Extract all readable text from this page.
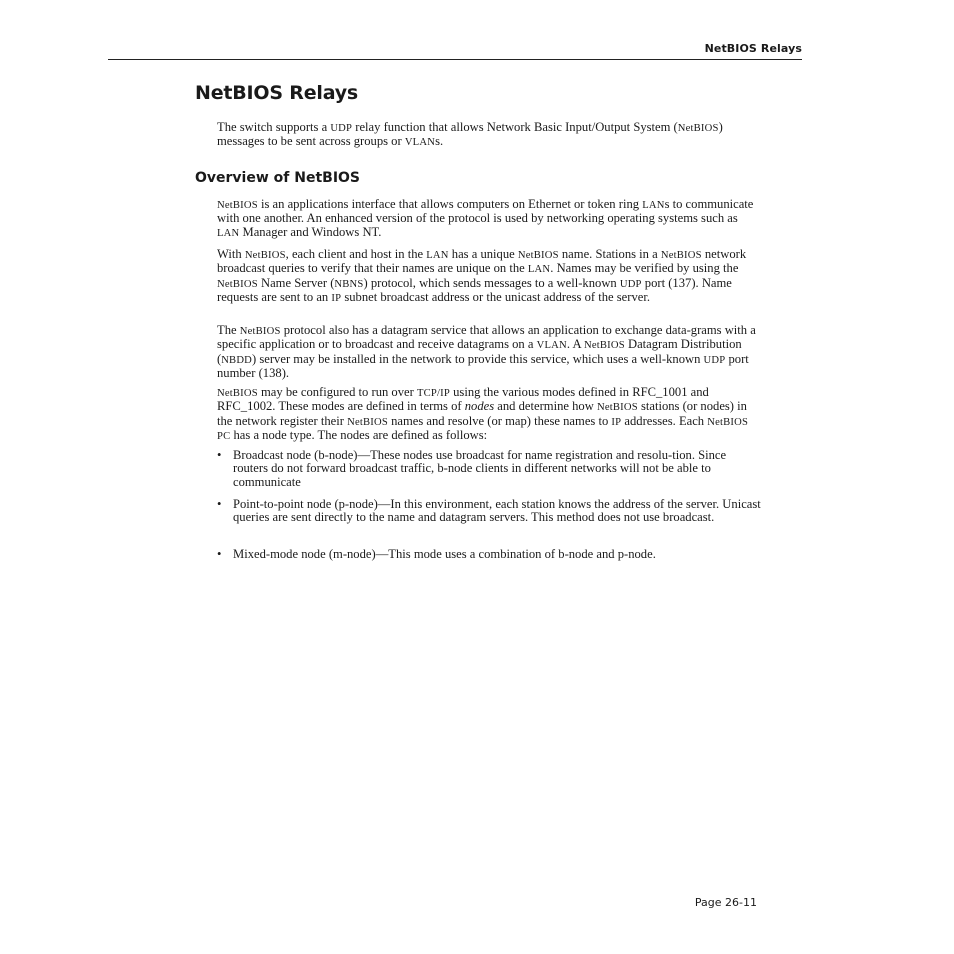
NetBIOS Relays
NetBIOS Relays

The switch supports a UDP relay function that allows Network Basic Input/Output System (NetBIOS) messages to be sent across groups or VLANs.

Overview of NetBIOS

NetBIOS is an applications interface that allows computers on Ethernet or token ring LANs to communicate with one another. An enhanced version of the protocol is used by networking operating systems such as LAN Manager and Windows NT.

With NetBIOS, each client and host in the LAN has a unique NetBIOS name. Stations in a NetBIOS network broadcast queries to verify that their names are unique on the LAN. Names may be verified by using the NetBIOS Name Server (NBNS) protocol, which sends messages to a well-known UDP port (137). Name requests are sent to an IP subnet broadcast address or the unicast address of the server.

The NetBIOS protocol also has a datagram service that allows an application to exchange data-grams with a specific application or to broadcast and receive datagrams on a VLAN. A NetBIOS Datagram Distribution (NBDD) server may be installed in the network to provide this service, which uses a well-known UDP port number (138).

NetBIOS may be configured to run over TCP/IP using the various modes defined in RFC_1001 and RFC_1002. These modes are defined in terms of nodes and determine how NetBIOS stations (or nodes) in the network register their NetBIOS names and resolve (or map) these names to IP addresses. Each NetBIOS PC has a node type. The nodes are defined as follows:

• Broadcast node (b-node)—These nodes use broadcast for name registration and resolu-tion. Since routers do not forward broadcast traffic, b-node clients in different networks will not be able to communicate
• Point-to-point node (p-node)—In this environment, each station knows the address of the server. Unicast queries are sent directly to the name and datagram servers. This method does not use broadcast.
• Mixed-mode node (m-node)—This mode uses a combination of b-node and p-node.
Page 26-11
